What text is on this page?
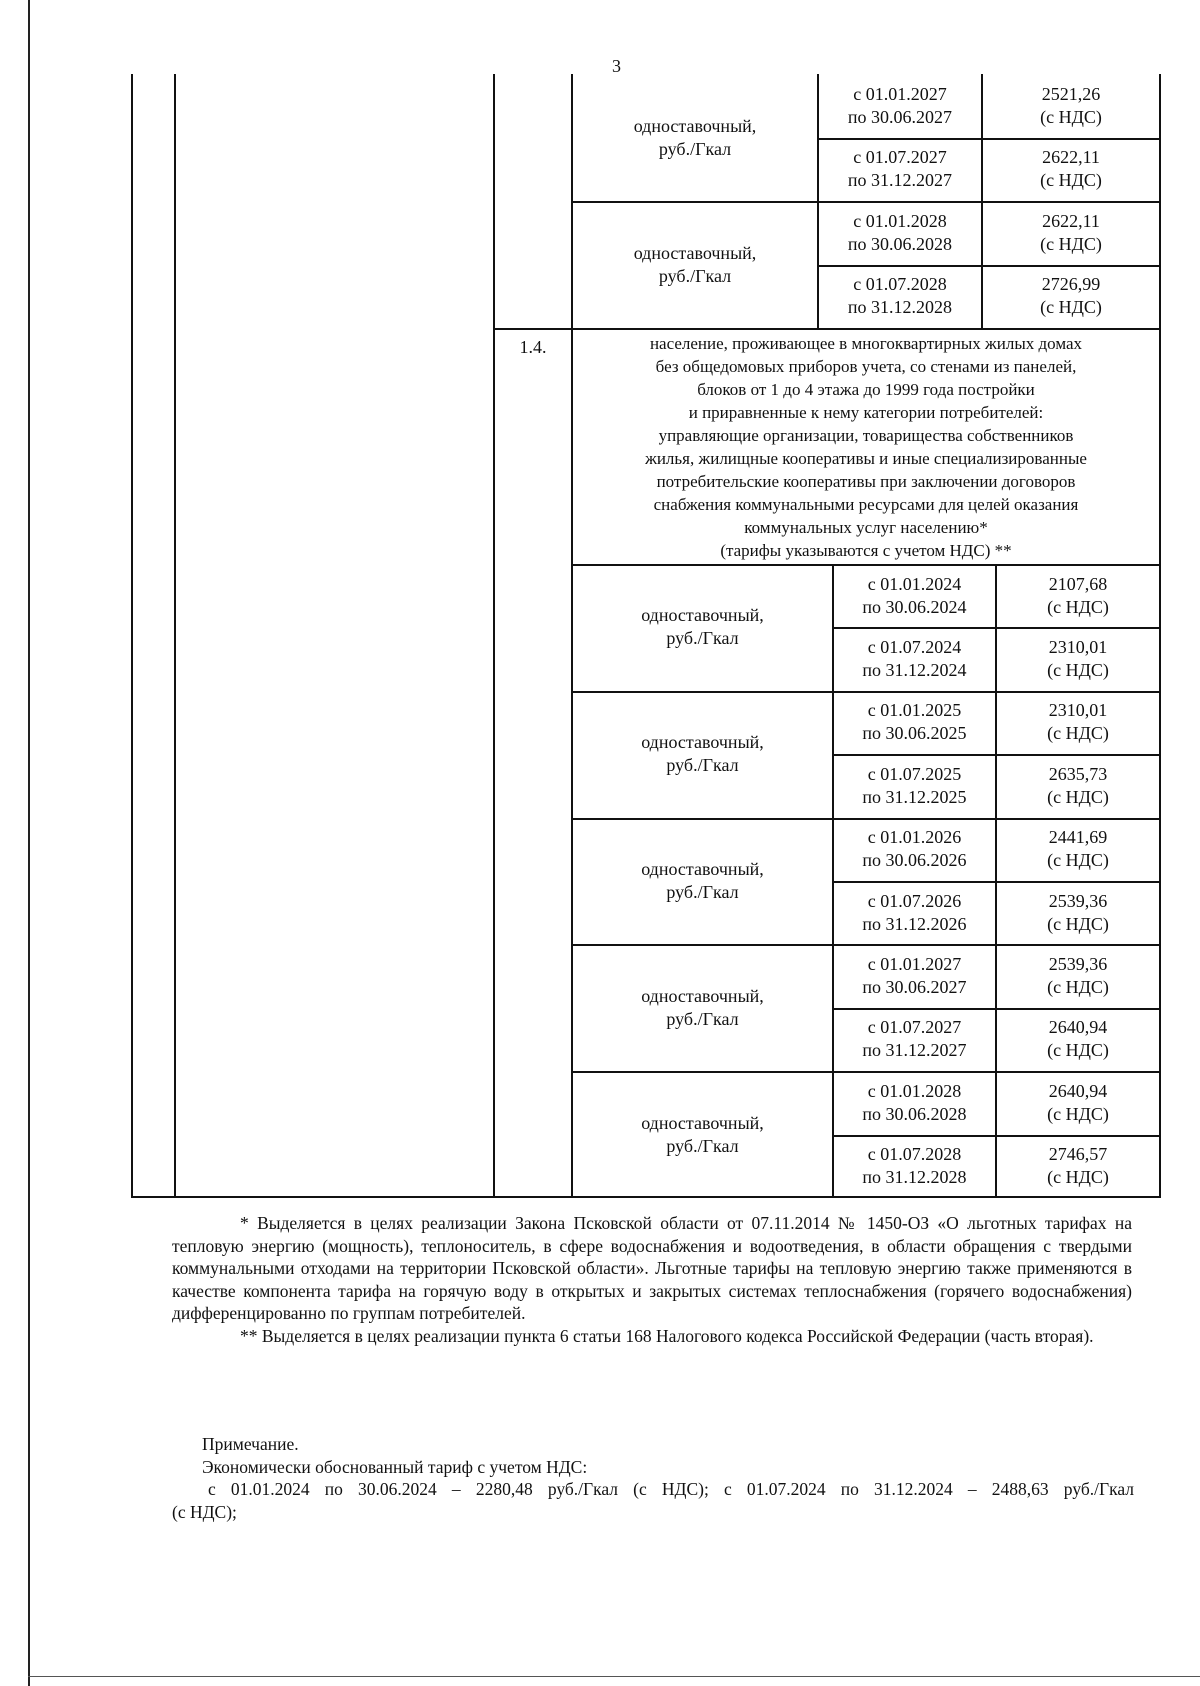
3
одноставочный,
руб./Гкал
с 01.01.2027
по 30.06.2027
2521,26
(с НДС)
с 01.07.2027
по 31.12.2027
2622,11
(с НДС)
одноставочный,
руб./Гкал
с 01.01.2028
по 30.06.2028
2622,11
(с НДС)
с 01.07.2028
по 31.12.2028
2726,99
(с НДС)
1.4.	население, проживающее в многоквартирных жилых домах
без общедомовых приборов учета, со стенами из панелей,
блоков от 1 до 4 этажа до 1999 года постройки
и приравненные к нему категории потребителей:
управляющие организации, товарищества собственников
жилья, жилищные кооперативы и иные специализированные
потребительские кооперативы при заключении договоров
снабжения коммунальными ресурсами для целей оказания
коммунальных услуг населению*
(тарифы указываются с учетом НДС) **
одноставочный,
руб./Гкал
с 01.01.2024
по 30.06.2024
2107,68
(с НДС)
с 01.07.2024
по 31.12.2024
2310,01
(с НДС)
одноставочный,
руб./Гкал
с 01.01.2025
по 30.06.2025
2310,01
(с НДС)
с 01.07.2025
по 31.12.2025
2635,73
(с НДС)
одноставочный,
руб./Гкал
с 01.01.2026
по 30.06.2026
2441,69
(с НДС)
с 01.07.2026
по 31.12.2026
2539,36
(с НДС)
одноставочный,
руб./Гкал
с 01.01.2027
по 30.06.2027
2539,36
(с НДС)
с 01.07.2027
по 31.12.2027
2640,94
(с НДС)
одноставочный,
руб./Гкал
с 01.01.2028
по 30.06.2028
2640,94
(с НДС)
с 01.07.2028
по 31.12.2028
2746,57
(с НДС)

* Выделяется в целях реализации Закона Псковской области от 07.11.2014 № 1450-ОЗ «О льготных тарифах на тепловую энергию (мощность), теплоноситель, в сфере водоснабжения и водоотведения, в области обращения с твердыми коммунальными отходами на территории Псковской области». Льготные тарифы на тепловую энергию также применяются в качестве компонента тарифа на горячую воду в открытых и закрытых системах теплоснабжения (горячего водоснабжения) дифференцированно по группам потребителей.

** Выделяется в целях реализации пункта 6 статьи 168 Налогового кодекса Российской Федерации (часть вторая).

Примечание.

Экономически обоснованный тариф с учетом НДС:

с 01.01.2024 по 30.06.2024 – 2280,48 руб./Гкал (с НДС); с 01.07.2024 по 31.12.2024 – 2488,63 руб./Гкал

(с НДС);
